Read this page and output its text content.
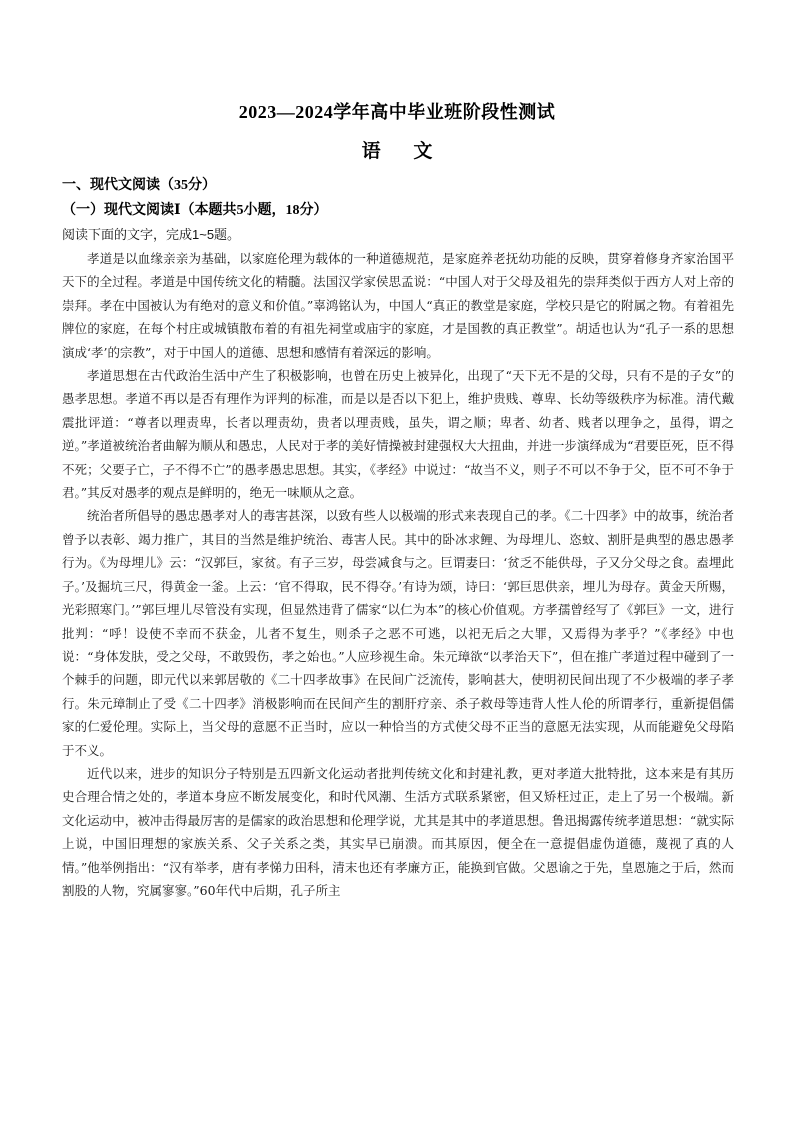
2023—2024学年高中毕业班阶段性测试
语 文
一、现代文阅读（35分）
（一）现代文阅读Ⅰ（本题共5小题，18分）
阅读下面的文字，完成1~5题。

孝道是以血缘亲亲为基础，以家庭伦理为载体的一种道德规范，是家庭养老抚幼功能的反映，贯穿着修身齐家治国平天下的全过程。孝道是中国传统文化的精髓。法国汉学家侯思孟说：“中国人对于父母及祖先的崇拜类似于西方人对上帝的崇拜。孝在中国被认为有绝对的意义和价值。”辜鸿铭认为，中国人“真正的教堂是家庭，学校只是它的附属之物。有着祖先牌位的家庭，在每个村庄或城镇散布着的有祖先祠堂或庙宇的家庭，才是国教的真正教堂”。胡适也认为“孔子一系的思想演成‘孝’的宗教”，对于中国人的道德、思想和感情有着深远的影响。

孝道思想在古代政治生活中产生了积极影响，也曾在历史上被异化，出现了“天下无不是的父母，只有不是的子女”的愚孝思想。孝道不再以是否有理作为评判的标准，而是以是否以下犯上，维护贵贱、尊卑、长幼等级秩序为标准。清代戴震批评道：“尊者以理责卑，长者以理责幼，贵者以理责贱，虽失，谓之顺；卑者、幼者、贱者以理争之，虽得，谓之逆。”孝道被统治者曲解为顺从和愚忠，人民对于孝的美好情操被封建强权大大扭曲，并进一步演绎成为“君要臣死，臣不得不死；父要子亡，子不得不亡”的愚孝愚忠思想。其实，《孝经》中说过：“故当不义，则子不可以不争于父，臣不可不争于君。”其反对愚孝的观点是鲜明的，绝无一味顺从之意。

统治者所倡导的愚忠愚孝对人的毒害甚深，以致有些人以极端的形式来表现自己的孝。《二十四孝》中的故事，统治者曾予以表彰、竭力推广，其目的当然是维护统治、毒害人民。其中的卧冰求鲤、为母埋儿、恣蚊、割肝是典型的愚忠愚孝行为。《为母埋儿》云：“汉郭巨，家贫。有子三岁，母尝减食与之。巨谓妻曰：‘贫乏不能供母，子又分父母之食。盍埋此子。’及掘坑三尺，得黄金一釜。上云：‘官不得取，民不得夺。’有诗为颂，诗曰：‘郭巨思供亲，埋儿为母存。黄金天所赐，光彩照寒门。’”郭巨埋儿尽管没有实现，但显然违背了儒家“以仁为本”的核心价值观。方孝孺曾经写了《郭巨》一文，进行批判：“呼！设使不幸而不获金，儿者不复生，则杀子之恶不可逃，以祀无后之大罪，又焉得为孝乎？”《孝经》中也说：“身体发肤，受之父母，不敢毁伤，孝之始也。”人应珍视生命。朱元璋欲“以孝治天下”，但在推广孝道过程中碰到了一个棘手的问题，即元代以来郭居敬的《二十四孝故事》在民间广泛流传，影响甚大，使明初民间出现了不少极端的孝子孝行。朱元璋制止了受《二十四孝》消极影响而在民间产生的割肝疗亲、杀子救母等违背人性人伦的所谓孝行，重新提倡儒家的仁爱伦理。实际上，当父母的意愿不正当时，应以一种恰当的方式使父母不正当的意愿无法实现，从而能避免父母陷于不义。

近代以来，进步的知识分子特别是五四新文化运动者批判传统文化和封建礼教，更对孝道大批特批，这本来是有其历史合理合情之处的，孝道本身应不断发展变化，和时代风潮、生活方式联系紧密，但又矫枉过正，走上了另一个极端。新文化运动中，被冲击得最厉害的是儒家的政治思想和伦理学说，尤其是其中的孝道思想。鲁迅揭露传统孝道思想：“就实际上说，中国旧理想的家族关系、父子关系之类，其实早已崩溃。而其原因，便全在一意提倡虚伪道德，蔑视了真的人情。”他举例指出：“汉有举孝，唐有孝悌力田科，清末也还有孝廉方正，能换到官做。父恩谕之于先，皇恩施之于后，然而割股的人物，究属寥寥。”60年代中后期，孔子所主
